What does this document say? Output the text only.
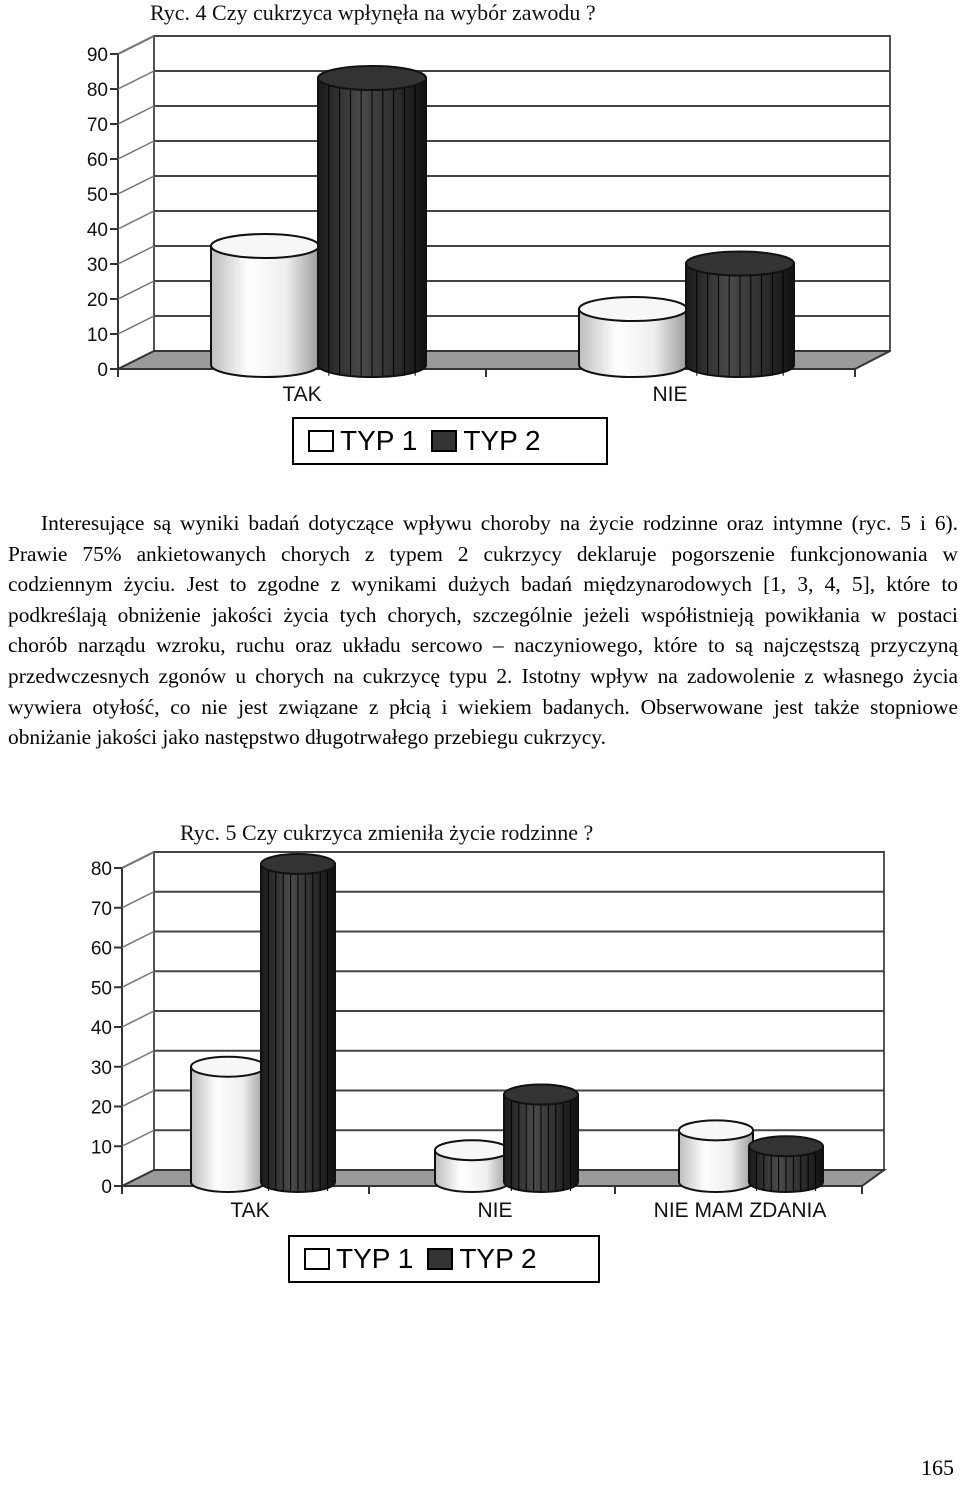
Ryc. 4 Czy cukrzyca wpłynęła na wybór zawodu ?
0
10
20
30
40
50
60
70
80
90
TAK	NIE
TYP 1 TYP 2
Interesujące są wyniki badań dotyczące wpływu choroby na życie rodzinne oraz intymne (ryc. 5 i 6). Prawie 75% ankietowanych chorych z typem 2 cukrzycy deklaruje pogorszenie funkcjonowania w codziennym życiu. Jest to zgodne z wynikami dużych badań międzynarodowych [1, 3, 4, 5], które to podkreślają obniżenie jakości życia tych chorych, szczególnie jeżeli współistnieją powikłania w postaci chorób narządu wzroku, ruchu oraz układu sercowo – naczyniowego, które to są najczęstszą przyczyną przedwczesnych zgonów u chorych na cukrzycę typu 2. Istotny wpływ na zadowolenie z własnego życia wywiera otyłość, co nie jest związane z płcią i wiekiem badanych. Obserwowane jest także stopniowe obniżanie jakości jako następstwo długotrwałego przebiegu cukrzycy.
Ryc. 5 Czy cukrzyca zmieniła życie rodzinne ?
0
10
20
30
40
50
60
70
80
TAK	NIE	NIE MAM ZDANIA
TYP 1 TYP 2
165
